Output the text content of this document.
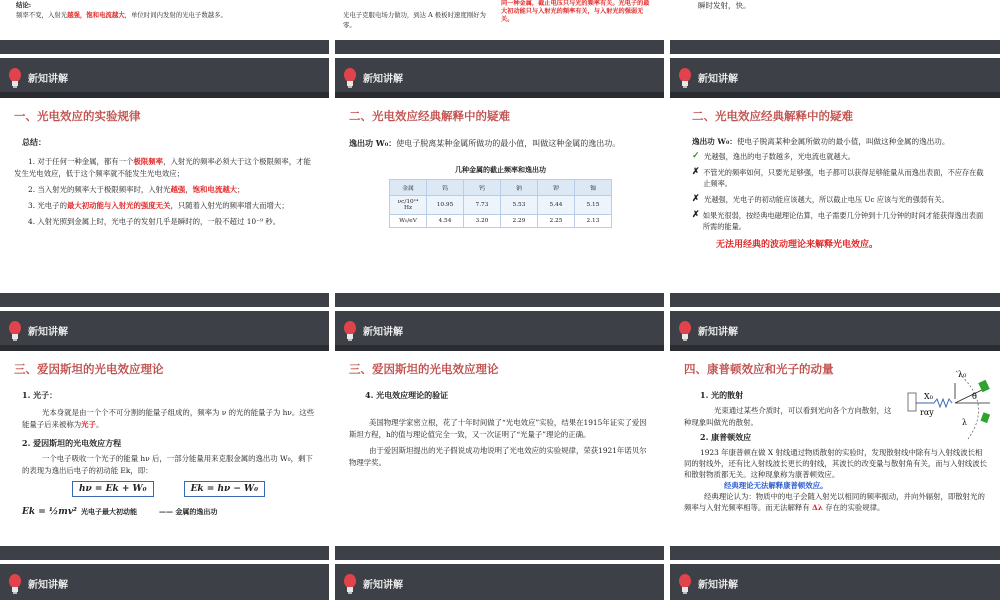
结论:
频率不变，入射光越强，饱和电流越大，单位时间内发射的光电子数越多。	光电子克服电场力做功，到达 A 极板时速度刚好为零。
同一种金属，截止电压只与光的频率有关。光电子的最大初动能只与入射光的频率有关，与入射光的强弱无关。
瞬时发射，快。
新知讲解
一、光电效应的实验规律
总结：

1. 对于任何一种金属，都有一个极限频率，入射光的频率必须大于这个极限频率，才能发生光电效应，低于这个频率就不能发生光电效应；

2. 当入射光的频率大于极限频率时，入射光越强，饱和电流越大；

3. 光电子的最大初动能与入射光的强度无关，只随着入射光的频率增大而增大；

4. 入射光照到金属上时，光电子的发射几乎是瞬时的，一般不超过 10⁻⁹ 秒。

新知讲解
二、光电效应经典解释中的疑难

逸出功 W₀：使电子脱离某种金属所做功的最小值，叫做这种金属的逸出功。

几种金属的截止频率和逸出功
金属	钨	钙	钠	钾	铷
νc/10¹⁴ Hz	10.95	7.73	5.53	5.44	5.15
W₀/eV	4.54	3.20	2.29	2.25	2.13
新知讲解
二、光电效应经典解释中的疑难

逸出功 W₀：使电子脱离某种金属所做功的最小值，叫做这种金属的逸出功。

✓ 光越强，逸出的电子数越多，光电流也就越大。
✗ 不管光的频率如何，只要光足够强，电子都可以获得足够能量从而逸出表面，不应存在截止频率。
✗ 光越强，光电子的初动能应该越大，所以截止电压 Uc 应该与光的强弱有关。
✗ 如果光很弱，按经典电磁理论估算，电子需要几分钟到十几分钟的时间才能获得逸出表面所需的能量。
无法用经典的波动理论来解释光电效应。
新知讲解
三、爱因斯坦的光电效应理论
1. 光子：

光本身就是由一个个不可分割的能量子组成的，频率为 ν 的光的能量子为 hν。这些能量子后来被称为光子。

2. 爱因斯坦的光电效应方程

一个电子吸收一个光子的能量 hν 后，一部分能量用来克服金属的逸出功 W₀，剩下的表现为逸出后电子的初动能 Ek，即：

hν = Ek + W₀	Ek = hν − W₀
Ek = ½mv² 光电子最大初动能	—— 金属的逸出功
新知讲解
三、爱因斯坦的光电效应理论
4. 光电效应理论的验证

美国物理学家密立根，花了十年时间做了“光电效应”实验，结果在1915年证实了爱因斯坦方程，h的值与理论值完全一致，又一次证明了“光量子”理论的正确。

由于爱因斯坦提出的光子假说成功地说明了光电效应的实验规律，荣获1921年诺贝尔物理学奖。

新知讲解
四、康普顿效应和光子的动量	λ₀
θ
λ
X₀
rαy
1. 光的散射

光束通过某些介质时，可以看到光向各个方向散射，这种现象叫做光的散射。

2. 康普顿效应

1923 年康普顿在做 X 射线通过物质散射的实验时，发现散射线中除有与入射线波长相同的射线外，还有比入射线波长更长的射线，其波长的改变量与散射角有关，而与入射线波长和散射物质都无关。这种现象称为康普顿效应。

经典理论无法解释康普顿效应。

经典理论认为：物质中的电子会随入射光以相同的频率振动，并向外辐射，即散射光的频率与入射光频率相等。而无法解释有 Δλ 存在的实验规律。

新知讲解	新知讲解	新知讲解
